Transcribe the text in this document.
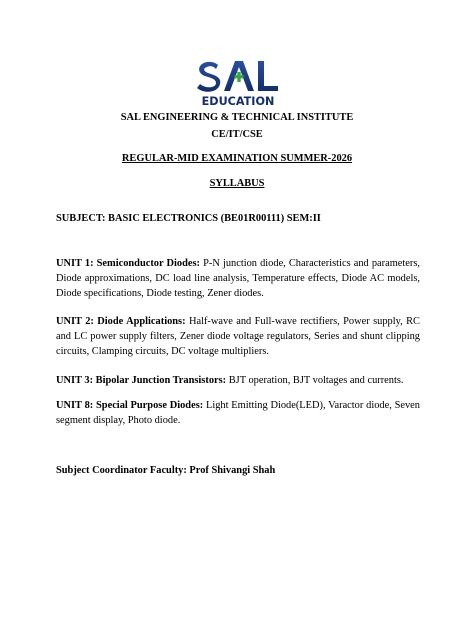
EDUCATION
SAL ENGINEERING & TECHNICAL INSTITUTE
CE/IT/CSE
REGULAR-MID EXAMINATION SUMMER-2026
SYLLABUS
SUBJECT: BASIC ELECTRONICS (BE01R00111) SEM:II
UNIT 1: Semiconductor Diodes: P-N junction diode, Characteristics and parameters, Diode approximations, DC load line analysis, Temperature effects, Diode AC models, Diode specifications, Diode testing, Zener diodes.
UNIT 2: Diode Applications: Half-wave and Full-wave rectifiers, Power supply, RC and LC power supply filters, Zener diode voltage regulators, Series and shunt clipping circuits, Clamping circuits, DC voltage multipliers.
UNIT 3: Bipolar Junction Transistors: BJT operation, BJT voltages and currents.
UNIT 8: Special Purpose Diodes: Light Emitting Diode(LED), Varactor diode, Seven segment display, Photo diode.
Subject Coordinator Faculty: Prof Shivangi Shah
